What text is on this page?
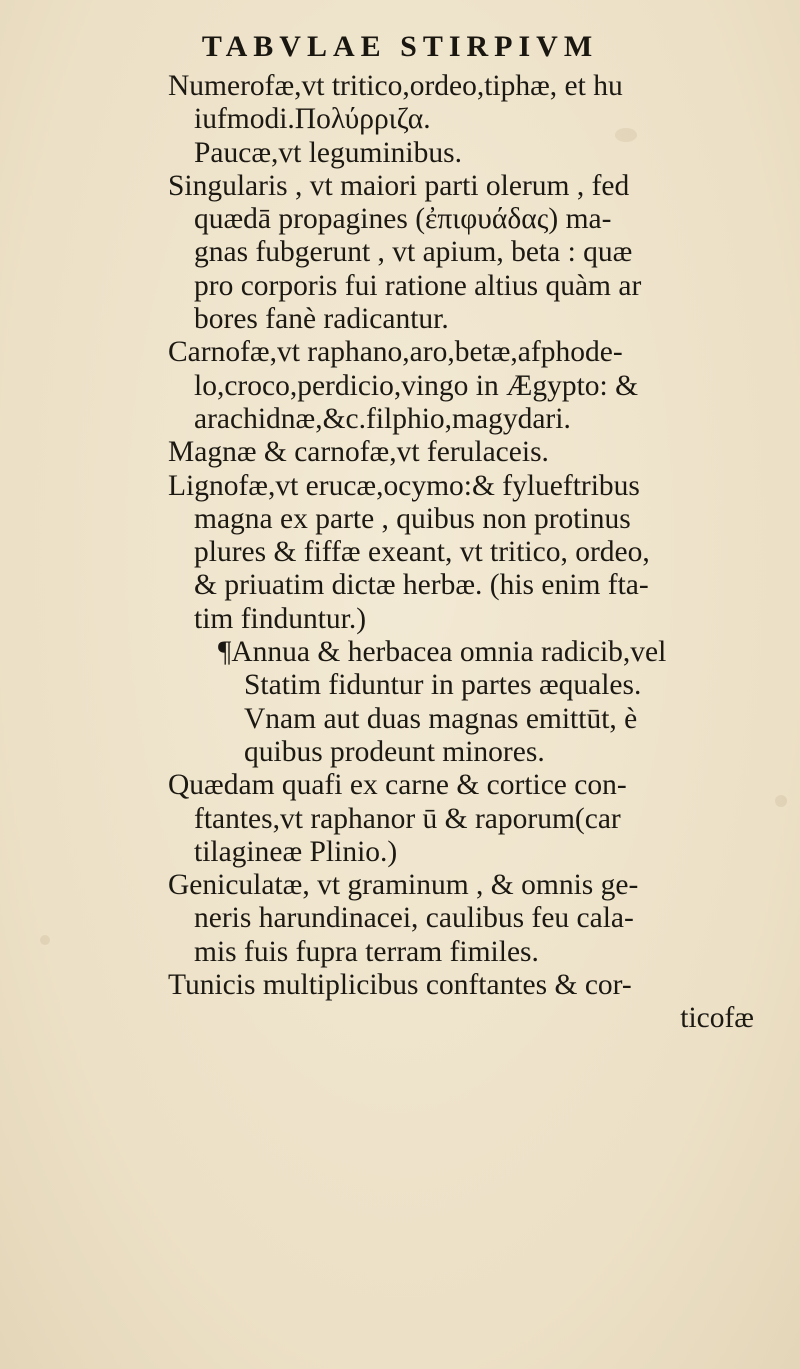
TABVLAE STIRPIVM
Numerofæ,vt tritico,ordeo,tiphæ, et hu
iufmodi.Πολύρριζα.
Paucæ,vt leguminibus.
Singularis , vt maiori parti olerum , fed
quædā propagines (ἐπιφυάδας) ma-
gnas fubgerunt , vt apium, beta : quæ
pro corporis fui ratione altius quàm ar
bores fanè radicantur.
Carnofæ,vt raphano,aro,betæ,afphode-
lo,croco,perdicio,vingo in Ægypto: &
arachidnæ,&c.filphio,magydari.
Magnæ & carnofæ,vt ferulaceis.
Lignofæ,vt erucæ,ocymo:& fylueftribus
magna ex parte , quibus non protinus
plures & fiffæ exeant, vt tritico, ordeo,
& priuatim dictæ herbæ. (his enim fta-
tim finduntur.)
¶Annua & herbacea omnia radicib,vel
Statim fiduntur in partes æquales.
Vnam aut duas magnas emittūt, è
quibus prodeunt minores.
Quædam quafi ex carne & cortice con-
ftantes,vt raphanor ū & raporum(car
tilagineæ Plinio.)
Geniculatæ, vt graminum , & omnis ge-
neris harundinacei, caulibus feu cala-
mis fuis fupra terram fimiles.
Tunicis multiplicibus conftantes & cor-
ticofæ
